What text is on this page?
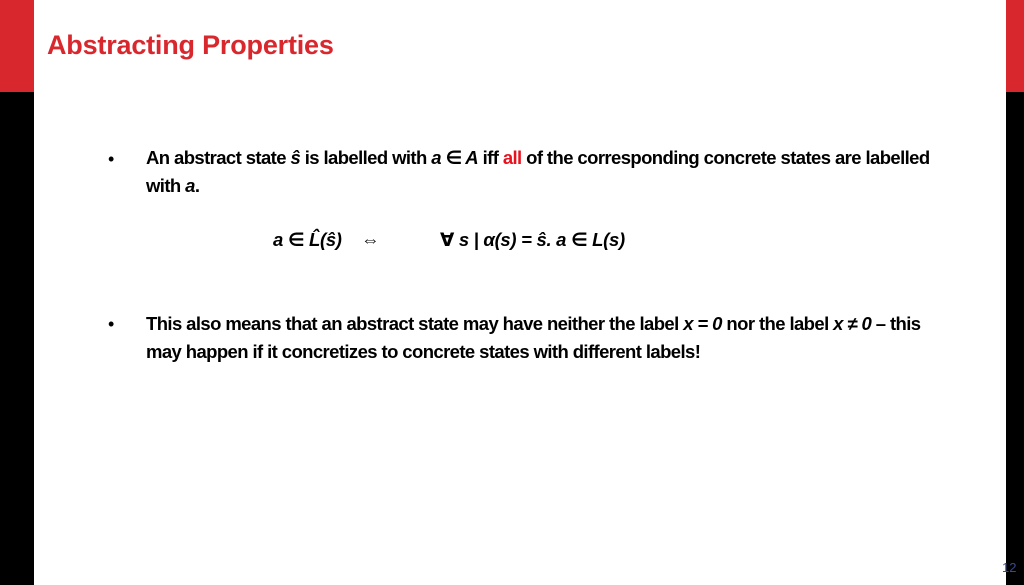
Abstracting Properties
• An abstract state ŝ is labelled with a ∈ A iff all of the corresponding concrete states are labelled with a.
a ∈ L̂(ŝ) ⇔	∀ s | α(s) = ŝ. a ∈ L(s)
• This also means that an abstract state may have neither the label x = 0 nor the label x ≠ 0 – this may happen if it concretizes to concrete states with different labels!
12
